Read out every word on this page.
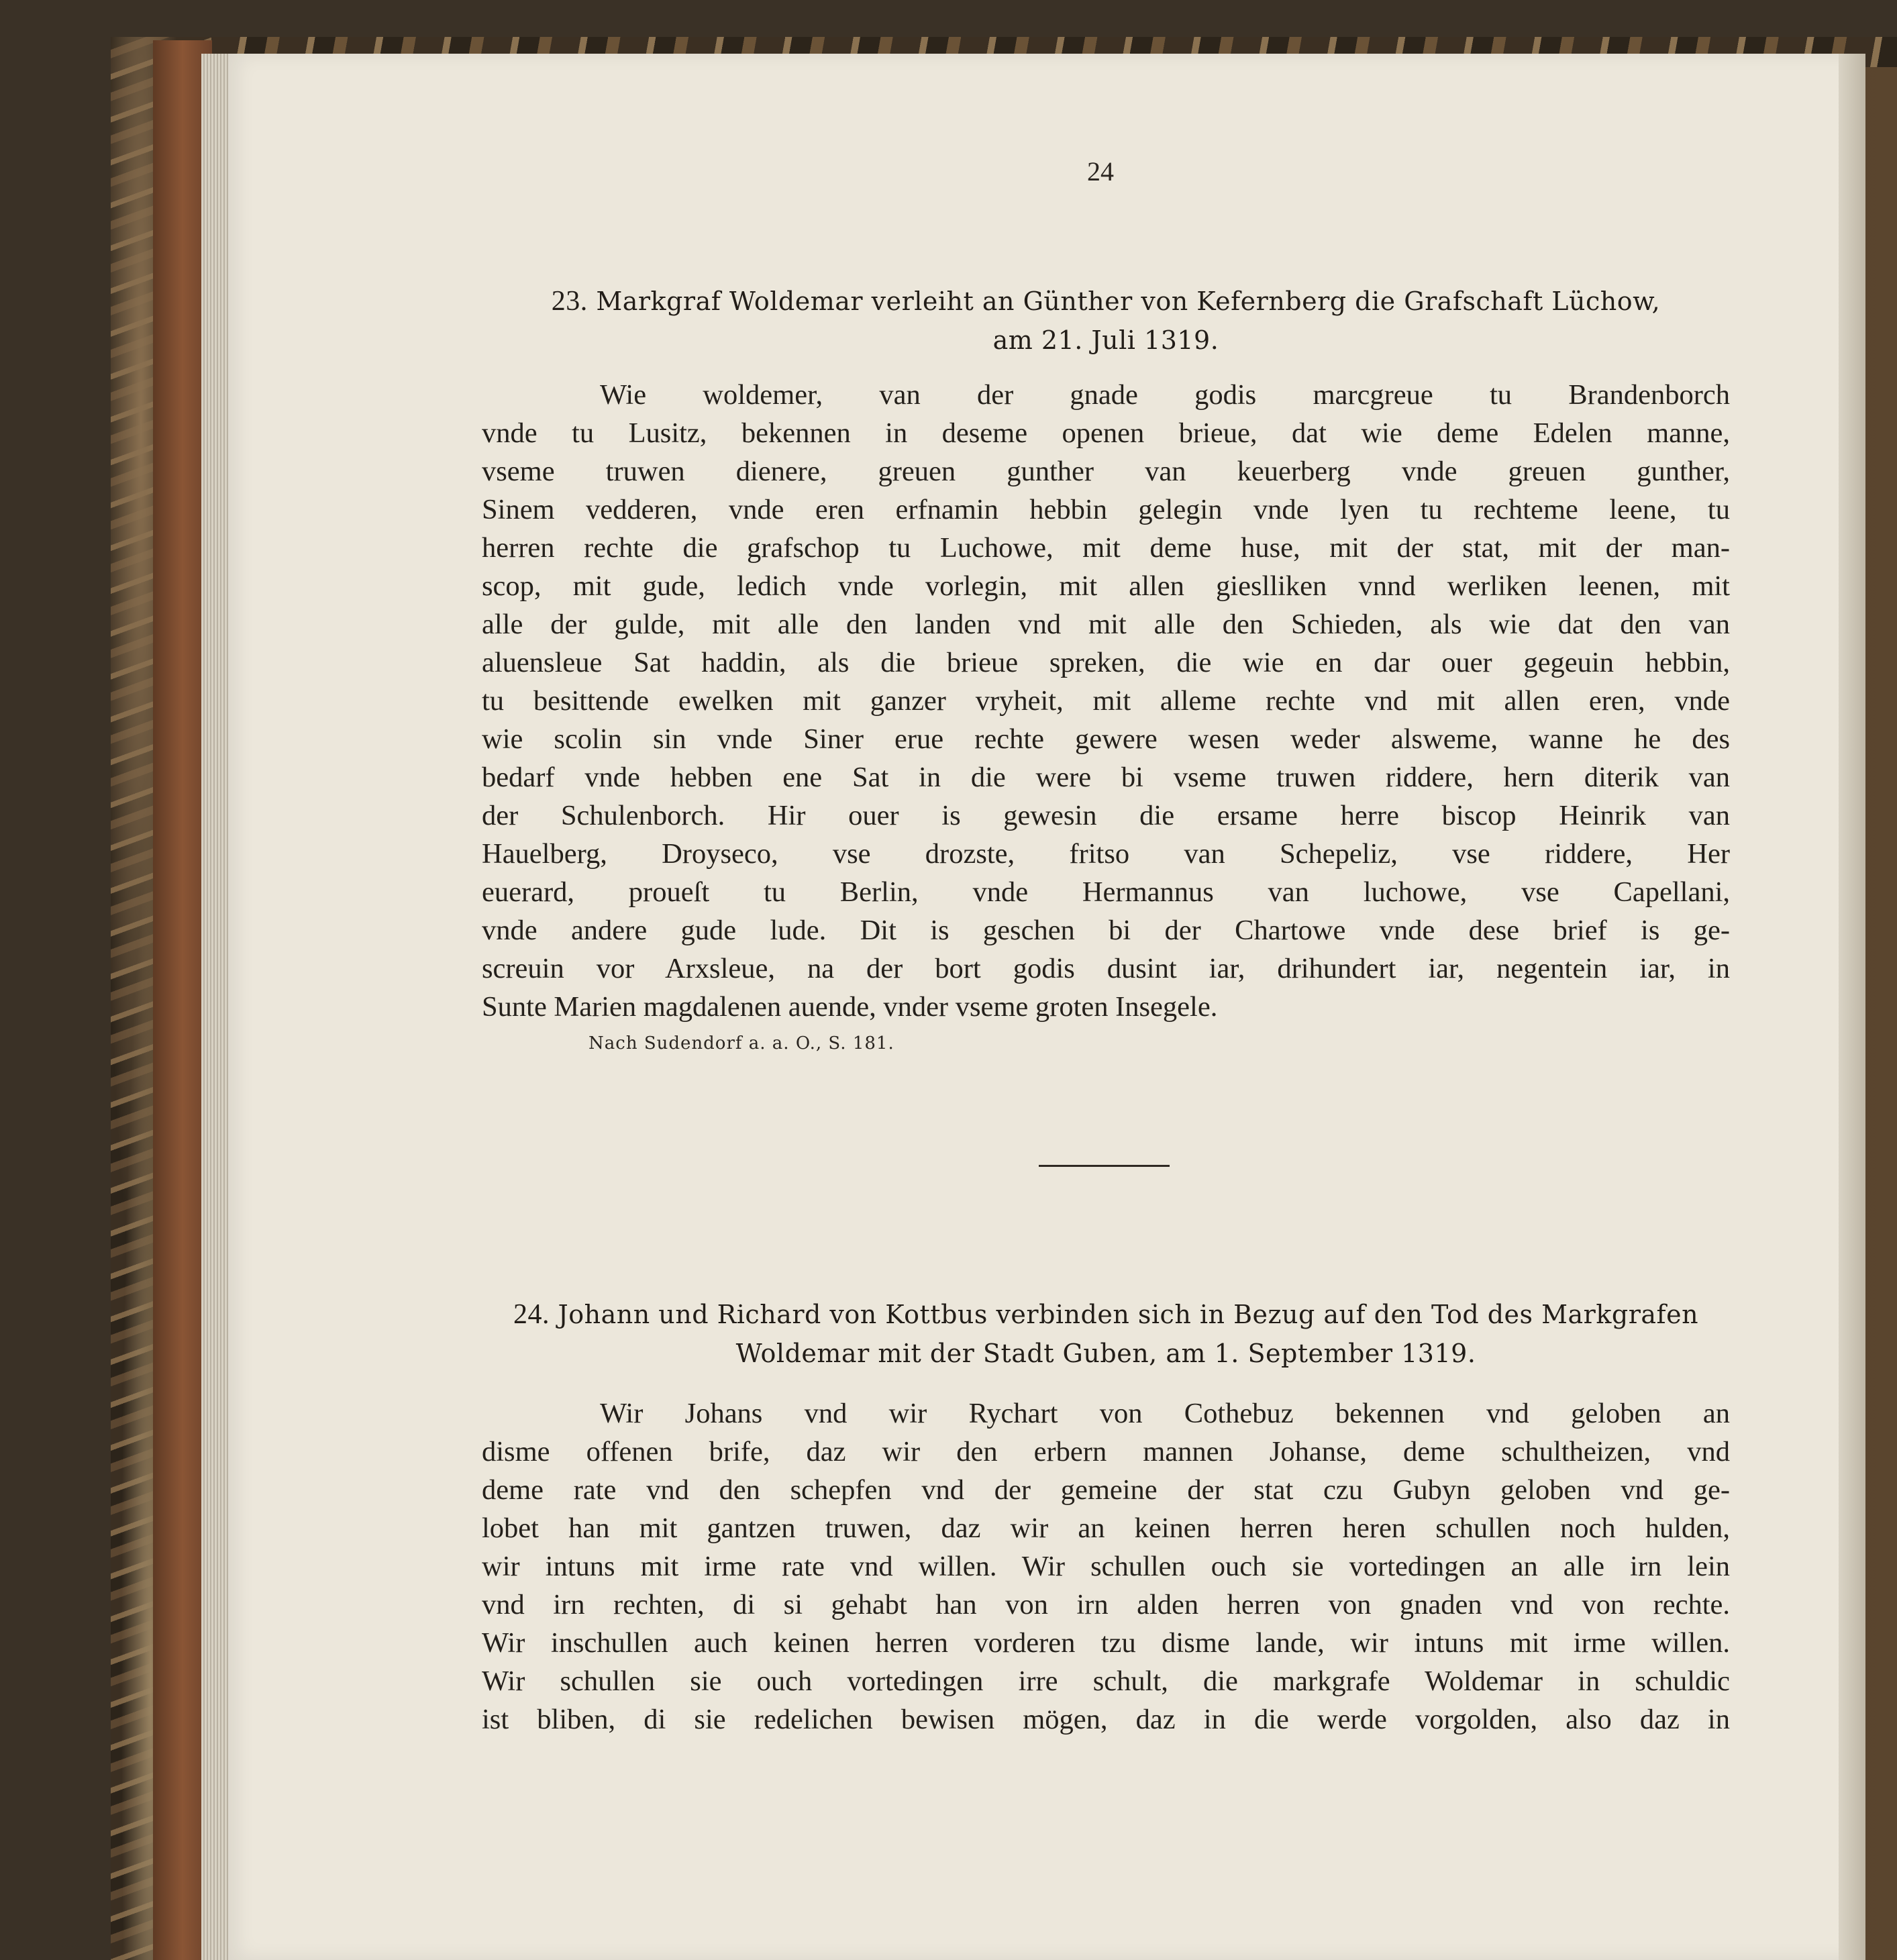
24
23. Markgraf Woldemar verleiht an Günther von Kefernberg die Grafschaft Lüchow,
am 21. Juli 1319.
Wie woldemer, van der gnade godis marcgreue tu Brandenborch
vnde tu Lusitz, bekennen in deseme openen brieue, dat wie deme Edelen manne,
vseme truwen dienere, greuen gunther van keuerberg vnde greuen gunther,
Sinem vedderen, vnde eren erfnamin hebbin gelegin vnde lyen tu rechteme leene, tu
herren rechte die grafschop tu Luchowe, mit deme huse, mit der stat, mit der man-
scop, mit gude, ledich vnde vorlegin, mit allen gieslliken vnnd werliken leenen, mit
alle der gulde, mit alle den landen vnd mit alle den Schieden, als wie dat den van
aluensleue Sat haddin, als die brieue spreken, die wie en dar ouer gegeuin hebbin,
tu besittende ewelken mit ganzer vryheit, mit alleme rechte vnd mit allen eren, vnde
wie scolin sin vnde Siner erue rechte gewere wesen weder alsweme, wanne he des
bedarf vnde hebben ene Sat in die were bi vseme truwen riddere, hern diterik van
der Schulenborch. Hir ouer is gewesin die ersame herre biscop Heinrik van
Hauelberg, Droyseco, vse drozste, fritso van Schepeliz, vse riddere, Her
euerard, proueſt tu Berlin, vnde Hermannus van luchowe, vse Capellani,
vnde andere gude lude. Dit is geschen bi der Chartowe vnde dese brief is ge-
screuin vor Arxsleue, na der bort godis dusint iar, drihundert iar, negentein iar, in
Sunte Marien magdalenen auende, vnder vseme groten Insegele.
Nach Sudendorf a. a. O., S. 181.
24. Johann und Richard von Kottbus verbinden sich in Bezug auf den Tod des Markgrafen
Woldemar mit der Stadt Guben, am 1. September 1319.
Wir Johans vnd wir Rychart von Cothebuz bekennen vnd geloben an
disme offenen brife, daz wir den erbern mannen Johanse, deme schultheizen, vnd
deme rate vnd den schepfen vnd der gemeine der stat czu Gubyn geloben vnd ge-
lobet han mit gantzen truwen, daz wir an keinen herren heren schullen noch hulden,
wir intuns mit irme rate vnd willen. Wir schullen ouch sie vortedingen an alle irn lein
vnd irn rechten, di si gehabt han von irn alden herren von gnaden vnd von rechte.
Wir inschullen auch keinen herren vorderen tzu disme lande, wir intuns mit irme willen.
Wir schullen sie ouch vortedingen irre schult, die markgrafe Woldemar in schuldic
ist bliben, di sie redelichen bewisen mögen, daz in die werde vorgolden, also daz in
